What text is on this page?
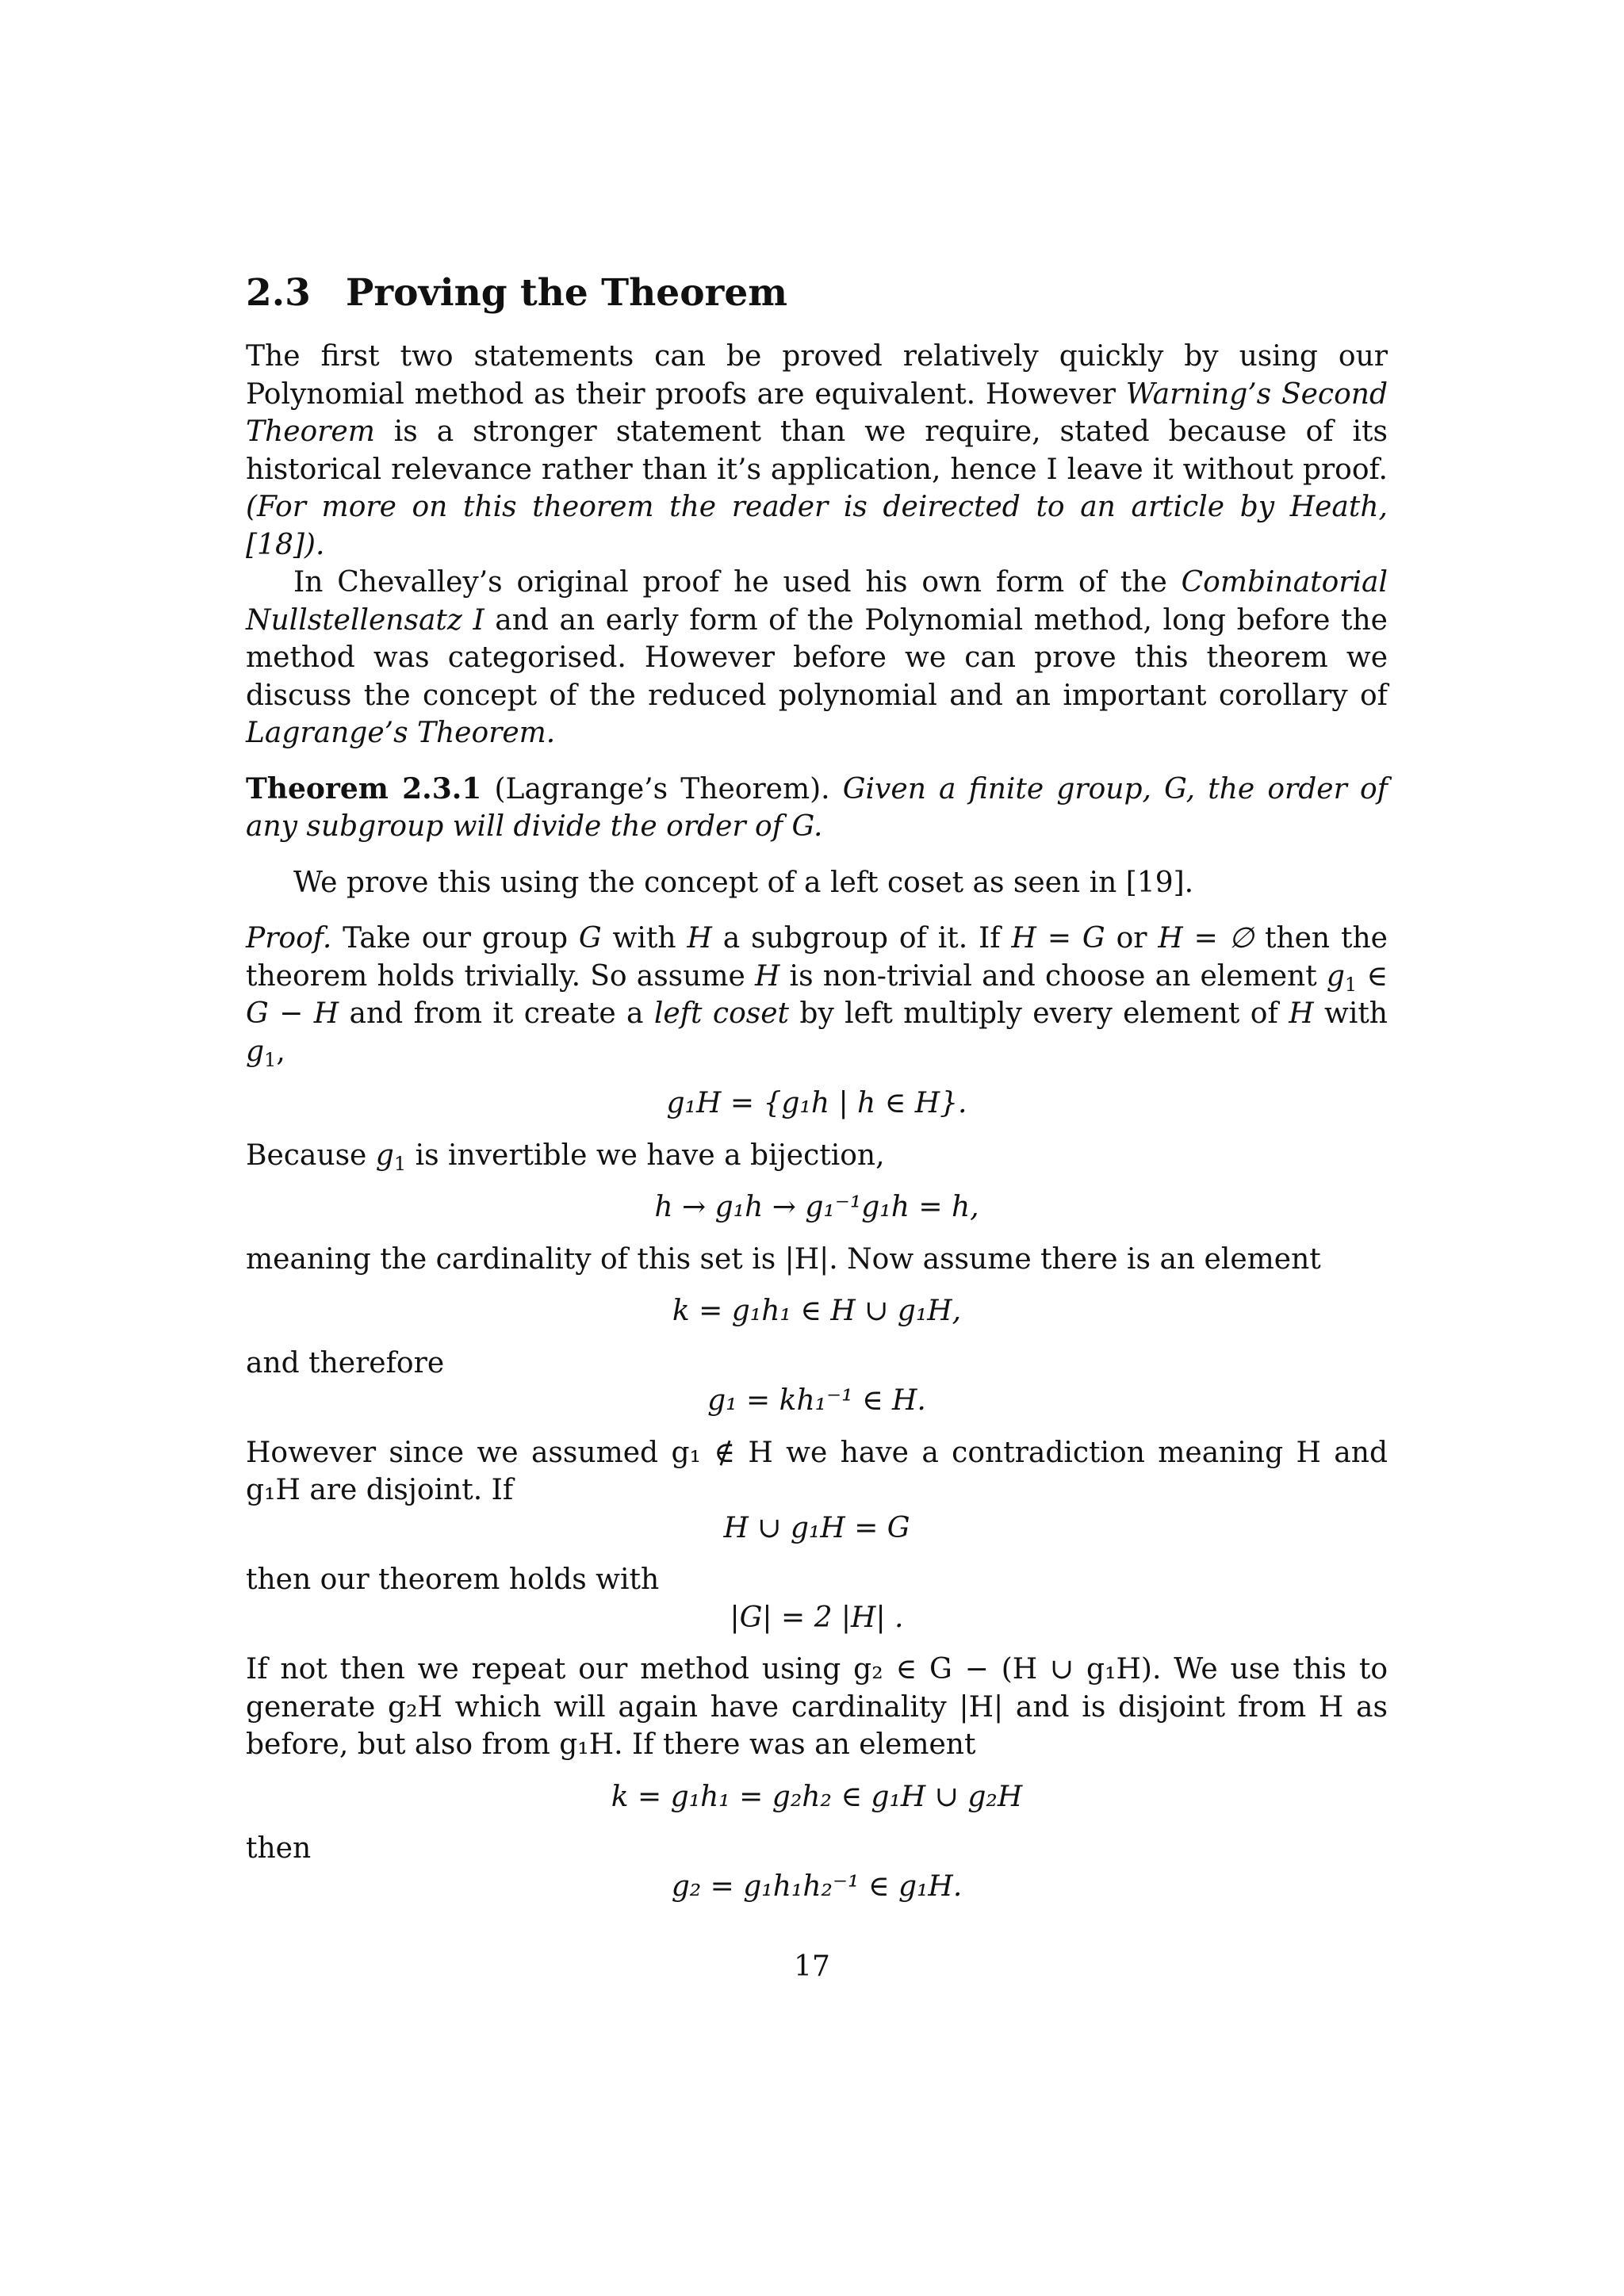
2.3 Proving the Theorem

The first two statements can be proved relatively quickly by using our Polynomial method as their proofs are equivalent. However Warning’s Second Theorem is a stronger statement than we require, stated because of its historical relevance rather than it’s application, hence I leave it without proof. (For more on this theorem the reader is deirected to an article by Heath, [18]).

In Chevalley’s original proof he used his own form of the Combinatorial Nullstellensatz I and an early form of the Polynomial method, long before the method was categorised. However before we can prove this theorem we discuss the concept of the reduced polynomial and an important corollary of Lagrange’s Theorem.

Theorem 2.3.1 (Lagrange’s Theorem). Given a finite group, G, the order of any subgroup will divide the order of G.

We prove this using the concept of a left coset as seen in [19].

Proof. Take our group G with H a subgroup of it. If H = G or H = ∅ then the theorem holds trivially. So assume H is non-trivial and choose an element $g_1$ ∈ G − H and from it create a left coset by left multiply every element of H with $g_1$,

g₁H = {g₁h | h ∈ H}.

Because $g_1$ is invertible we have a bijection,

h → g₁h → g₁⁻¹g₁h = h,

meaning the cardinality of this set is |H|. Now assume there is an element

k = g₁h₁ ∈ H ∪ g₁H,

and therefore

g₁ = kh₁⁻¹ ∈ H.

However since we assumed g₁ ∉ H we have a contradiction meaning H and g₁H are disjoint. If

H ∪ g₁H = G

then our theorem holds with

|G| = 2 |H| .

If not then we repeat our method using g₂ ∈ G − (H ∪ g₁H). We use this to generate g₂H which will again have cardinality |H| and is disjoint from H as before, but also from g₁H. If there was an element

k = g₁h₁ = g₂h₂ ∈ g₁H ∪ g₂H

then

g₂ = g₁h₁h₂⁻¹ ∈ g₁H.
17
